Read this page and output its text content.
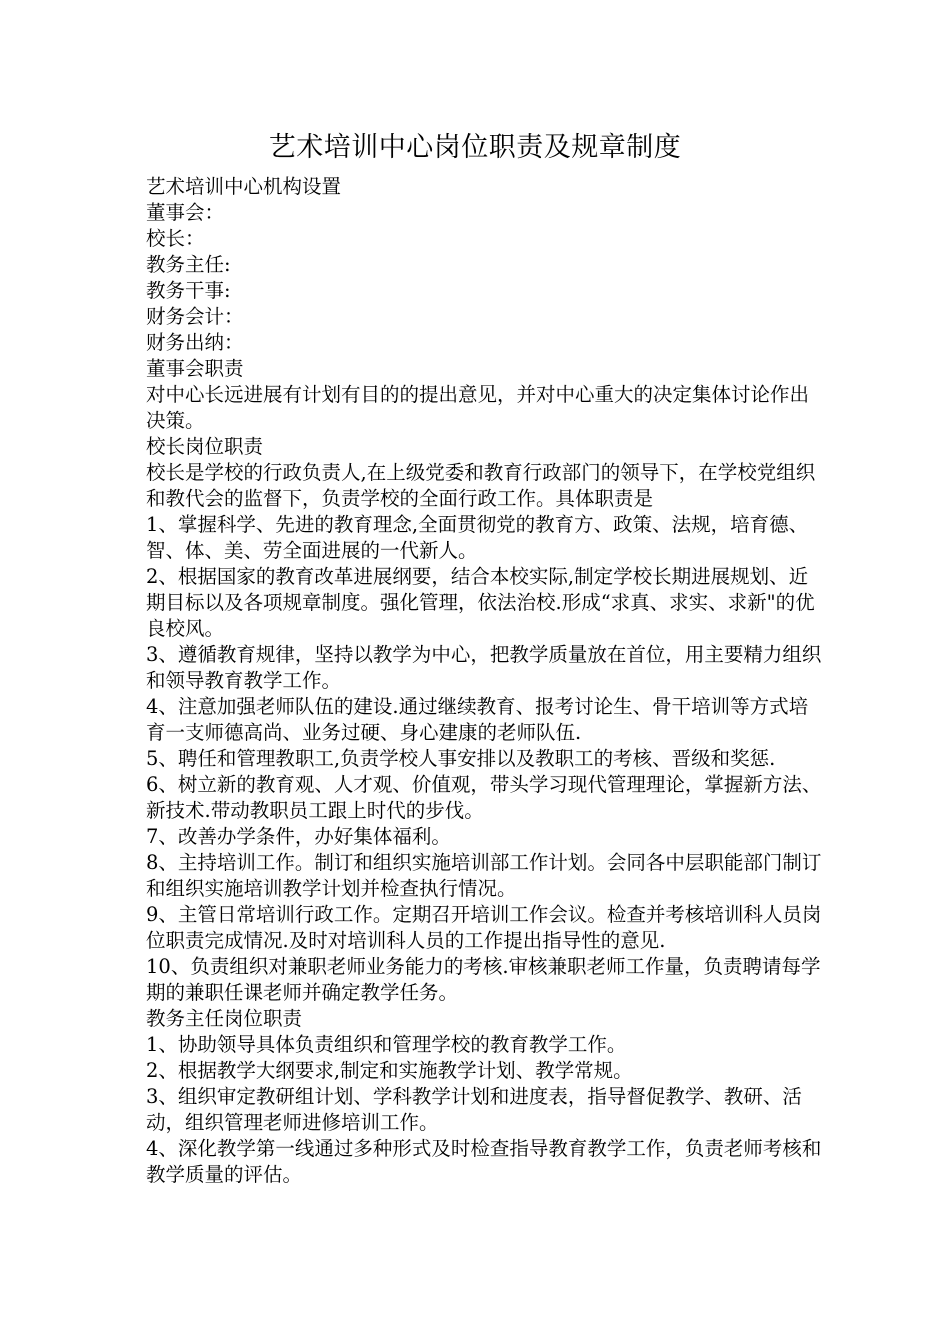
艺术培训中心岗位职责及规章制度

艺术培训中心机构设置

董事会：

校长：

教务主任:

教务干事:

财务会计：

财务出纳：

董事会职责

对中心长远进展有计划有目的的提出意见，并对中心重大的决定集体讨论作出决策。

校长岗位职责

校长是学校的行政负责人,在上级党委和教育行政部门的领导下，在学校党组织和教代会的监督下，负责学校的全面行政工作。具体职责是

1、掌握科学、先进的教育理念,全面贯彻党的教育方、政策、法规，培育德、智、体、美、劳全面进展的一代新人。

2、根据国家的教育改革进展纲要，结合本校实际,制定学校长期进展规划、近期目标以及各项规章制度。强化管理，依法治校.形成“求真、求实、求新"的优良校风。

3、遵循教育规律，坚持以教学为中心，把教学质量放在首位，用主要精力组织和领导教育教学工作。

4、注意加强老师队伍的建设.通过继续教育、报考讨论生、骨干培训等方式培育一支师德高尚、业务过硬、身心建康的老师队伍.

5、聘任和管理教职工,负责学校人事安排以及教职工的考核、晋级和奖惩.

6、树立新的教育观、人才观、价值观，带头学习现代管理理论，掌握新方法、新技术.带动教职员工跟上时代的步伐。

7、改善办学条件，办好集体福利。

8、主持培训工作。制订和组织实施培训部工作计划。会同各中层职能部门制订和组织实施培训教学计划并检查执行情况。

9、主管日常培训行政工作。定期召开培训工作会议。检查并考核培训科人员岗位职责完成情况.及时对培训科人员的工作提出指导性的意见.

10、负责组织对兼职老师业务能力的考核.审核兼职老师工作量，负责聘请每学期的兼职任课老师并确定教学任务。

教务主任岗位职责

1、协助领导具体负责组织和管理学校的教育教学工作。

2、根据教学大纲要求,制定和实施教学计划、教学常规。

3、组织审定教研组计划、学科教学计划和进度表，指导督促教学、教研、活动，组织管理老师进修培训工作。

4、深化教学第一线通过多种形式及时检查指导教育教学工作，负责老师考核和教学质量的评估。
